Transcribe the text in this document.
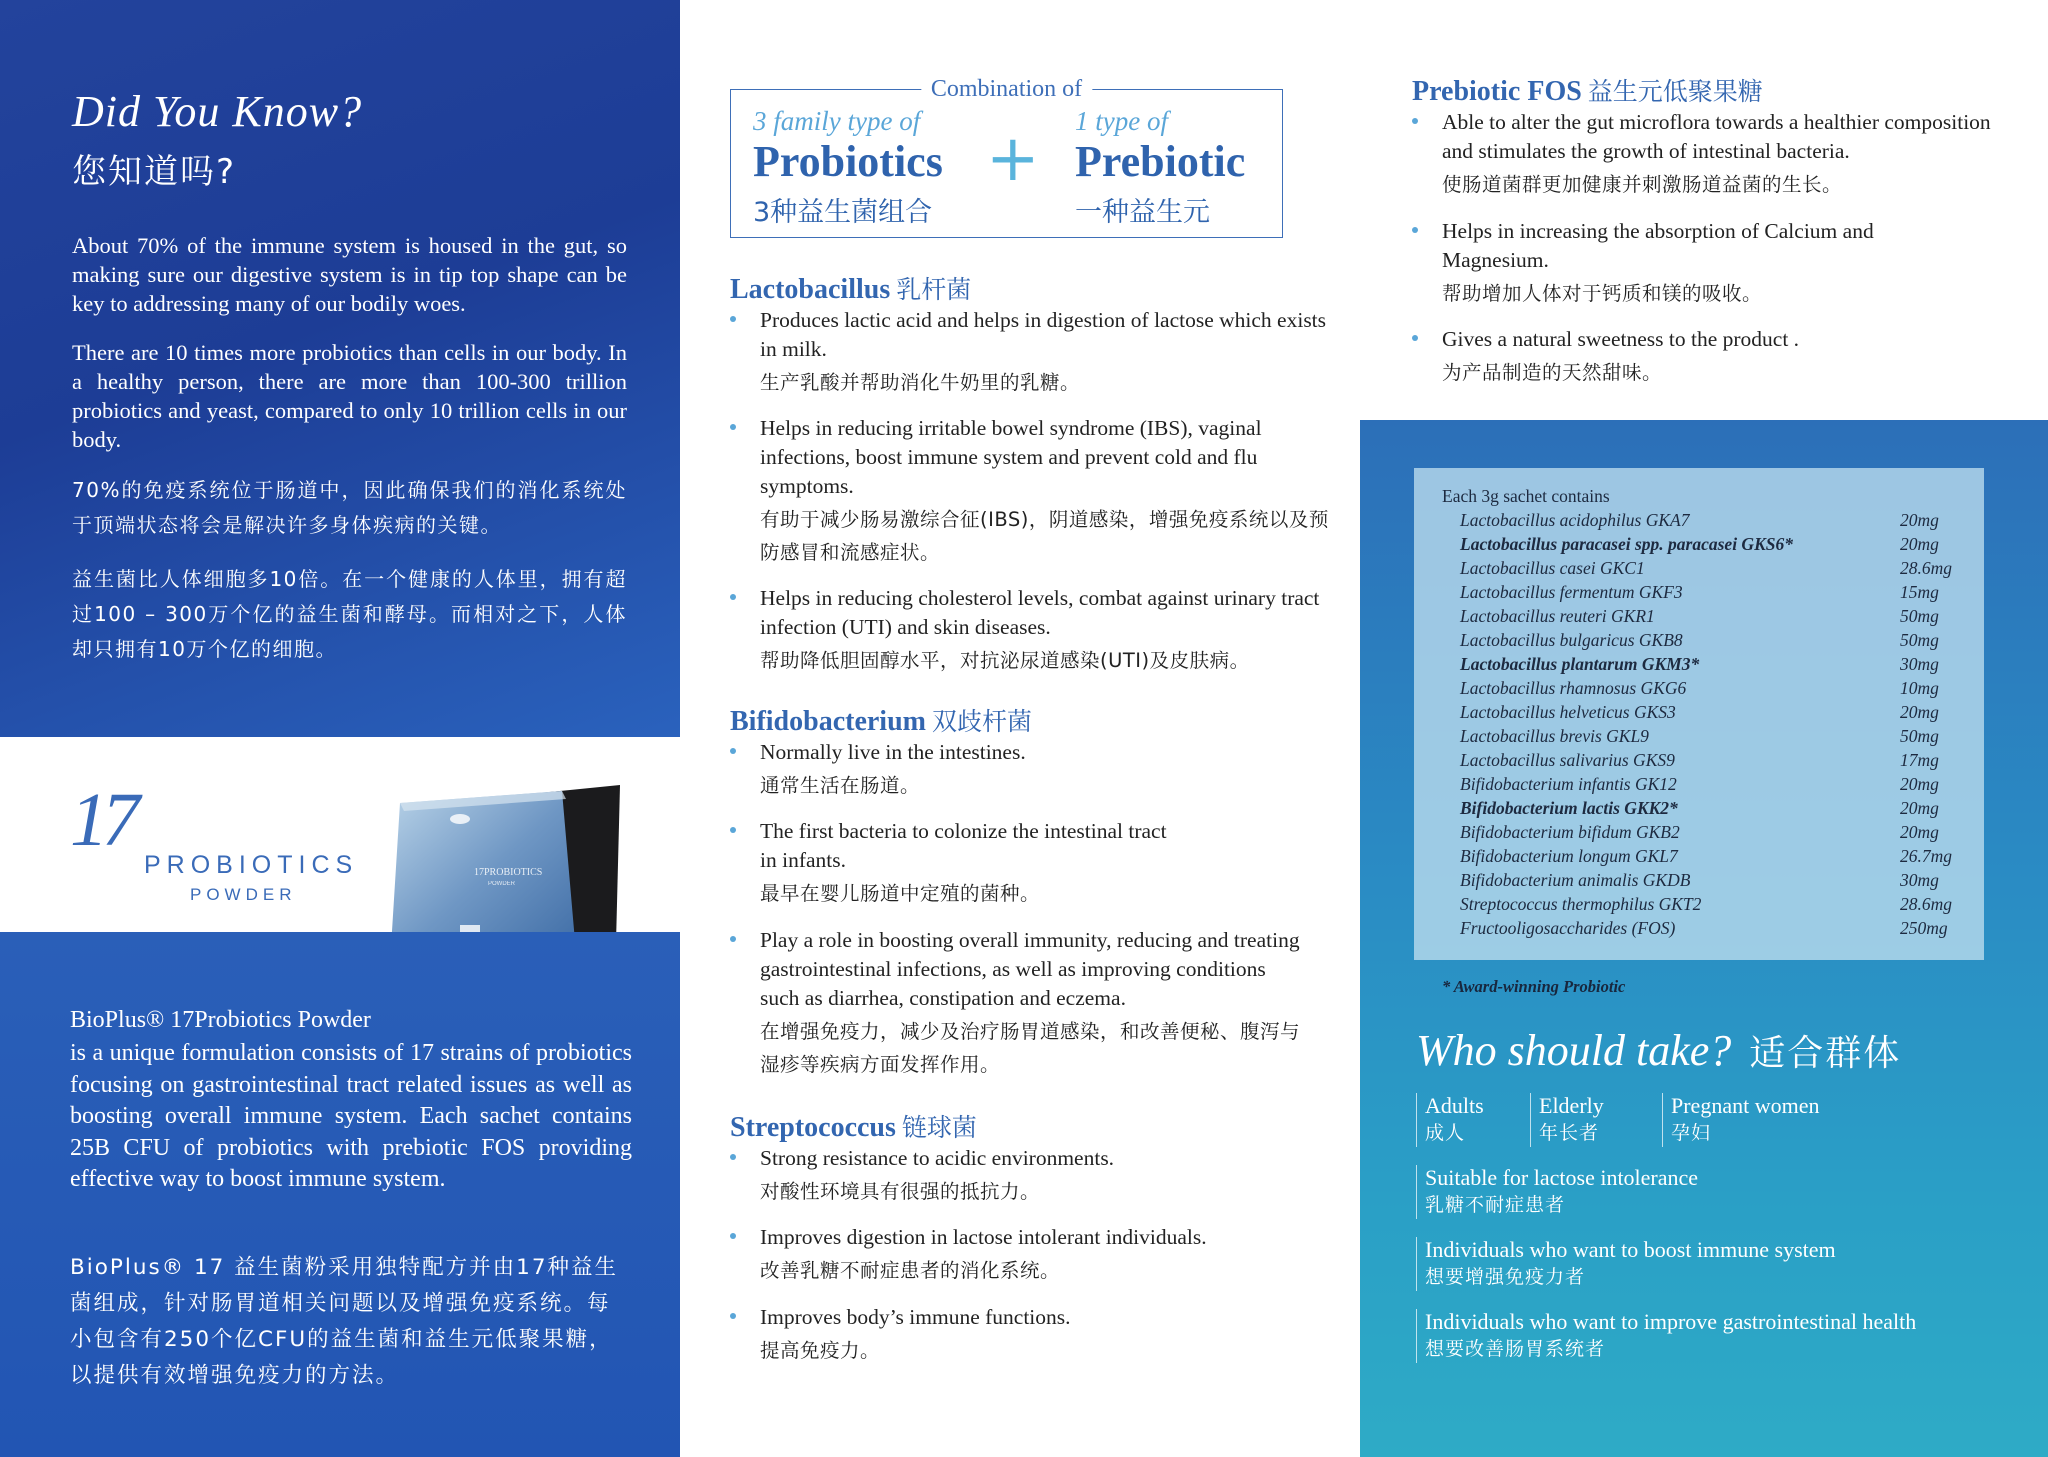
Did You Know?
您知道吗?

About 70% of the immune system is housed in the gut, so making sure our digestive system is in tip top shape can be key to addressing many of our bodily woes.

There are 10 times more probiotics than cells in our body. In a healthy person, there are more than 100-300 trillion probiotics and yeast, compared to only 10 trillion cells in our body.

70%的免疫系统位于肠道中，因此确保我们的消化系统处于顶端状态将会是解决许多身体疾病的关键。

益生菌比人体细胞多10倍。在一个健康的人体里，拥有超过100 – 300万个亿的益生菌和酵母。而相对之下，人体却只拥有10万个亿的细胞。

17
PROBIOTICS
POWDER
17PROBIOTICS
POWDER
BioPlus® 17Probiotics Powder

is a unique formulation consists of 17 strains of probiotics focusing on gastrointestinal tract related issues as well as boosting overall immune system. Each sachet contains 25B CFU of probiotics with prebiotic FOS providing effective way to boost immune system.

BioPlus® 17 益生菌粉采用独特配方并由17种益生菌组成，针对肠胃道相关问题以及增强免疫系统。每小包含有250个亿CFU的益生菌和益生元低聚果糖，以提供有效增强免疫力的方法。

Combination of
3 family type of
Probiotics
3种益生菌组合
+
1 type of
Prebiotic
一种益生元
Lactobacillus 乳杆菌
Produces lactic acid and helps in digestion of lactose which exists in milk.
生产乳酸并帮助消化牛奶里的乳糖。
Helps in reducing irritable bowel syndrome (IBS), vaginal infections, boost immune system and prevent cold and flu symptoms.
有助于减少肠易激综合征(IBS)，阴道感染，增强免疫系统以及预防感冒和流感症状。
Helps in reducing cholesterol levels, combat against urinary tract infection (UTI) and skin diseases.
帮助降低胆固醇水平，对抗泌尿道感染(UTI)及皮肤病。
Bifidobacterium 双歧杆菌
Normally live in the intestines.
通常生活在肠道。
The first bacteria to colonize the intestinal tract in infants.
最早在婴儿肠道中定殖的菌种。
Play a role in boosting overall immunity, reducing and treating gastrointestinal infections, as well as improving conditions such as diarrhea, constipation and eczema.
在增强免疫力，减少及治疗肠胃道感染，和改善便秘、腹泻与湿疹等疾病方面发挥作用。
Streptococcus 链球菌
Strong resistance to acidic environments.
对酸性环境具有很强的抵抗力。
Improves digestion in lactose intolerant individuals.
改善乳糖不耐症患者的消化系统。
Improves body’s immune functions.
提高免疫力。
Prebiotic FOS 益生元低聚果糖
Able to alter the gut microflora towards a healthier composition and stimulates the growth of intestinal bacteria.
使肠道菌群更加健康并刺激肠道益菌的生长。
Helps in increasing the absorption of Calcium and Magnesium.
帮助增加人体对于钙质和镁的吸收。
Gives a natural sweetness to the product .
为产品制造的天然甜味。
Each 3g sachet contains
Lactobacillus acidophilus GKA7	20mg
Lactobacillus paracasei spp. paracasei GKS6*	20mg
Lactobacillus casei GKC1	28.6mg
Lactobacillus fermentum GKF3	15mg
Lactobacillus reuteri GKR1	50mg
Lactobacillus bulgaricus GKB8	50mg
Lactobacillus plantarum GKM3*	30mg
Lactobacillus rhamnosus GKG6	10mg
Lactobacillus helveticus GKS3	20mg
Lactobacillus brevis GKL9	50mg
Lactobacillus salivarius GKS9	17mg
Bifidobacterium infantis GK12	20mg
Bifidobacterium lactis GKK2*	20mg
Bifidobacterium bifidum GKB2	20mg
Bifidobacterium longum GKL7	26.7mg
Bifidobacterium animalis GKDB	30mg
Streptococcus thermophilus GKT2	28.6mg
Fructooligosaccharides (FOS)	250mg
* Award-winning Probiotic
Who should take? 适合群体
Adults
成人
Elderly
年长者
Pregnant women
孕妇
Suitable for lactose intolerance
乳糖不耐症患者
Individuals who want to boost immune system
想要增强免疫力者
Individuals who want to improve gastrointestinal health
想要改善肠胃系统者
